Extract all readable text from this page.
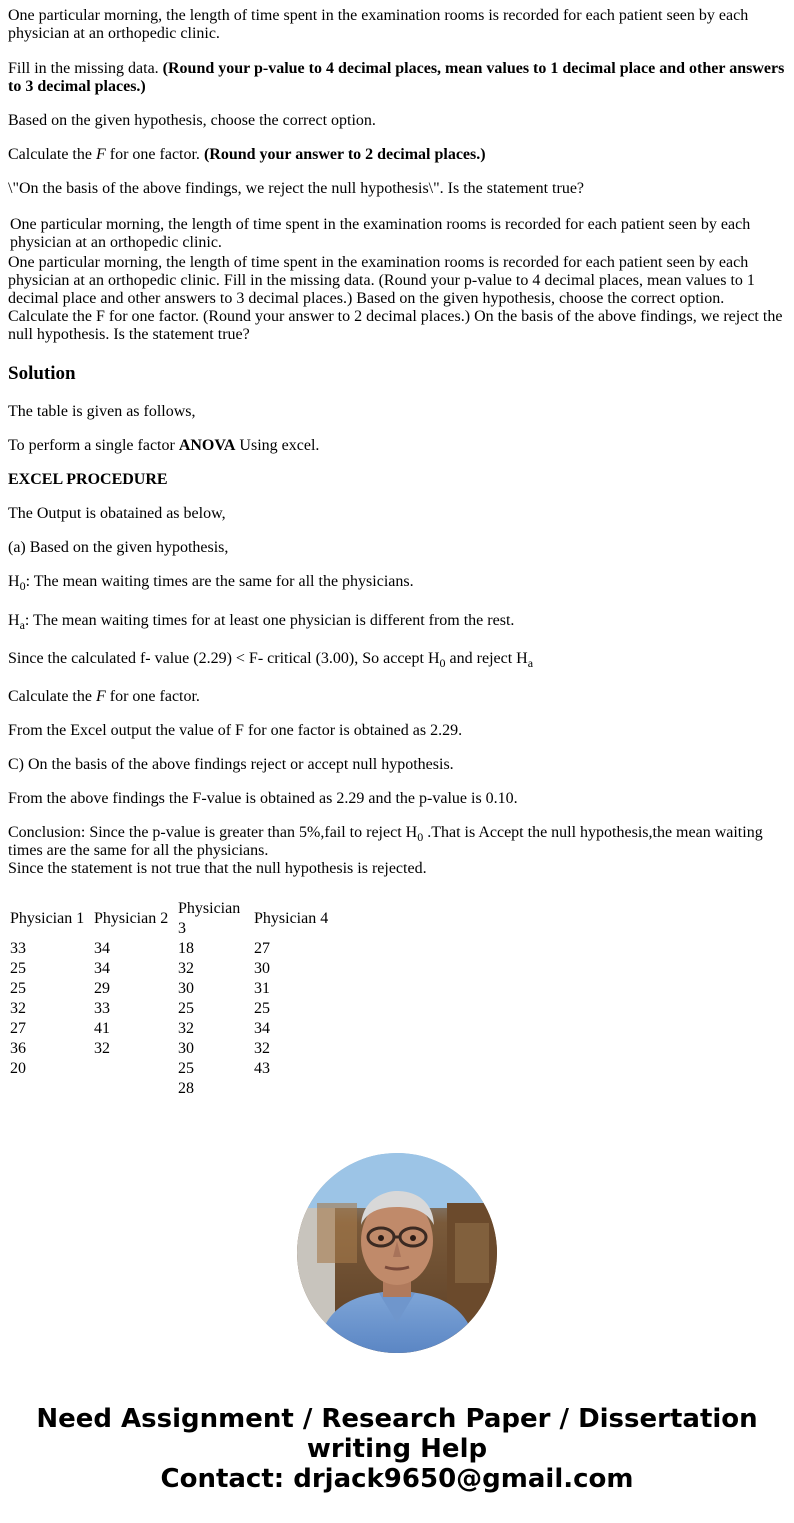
One particular morning, the length of time spent in the examination rooms is recorded for each patient seen by each physician at an orthopedic clinic.

Fill in the missing data. (Round your p-value to 4 decimal places, mean values to 1 decimal place and other answers to 3 decimal places.)

Based on the given hypothesis, choose the correct option.

Calculate the F for one factor. (Round your answer to 2 decimal places.)

\"On the basis of the above findings, we reject the null hypothesis\". Is the statement true?

One particular morning, the length of time spent in the examination rooms is recorded for each patient seen by each physician at an orthopedic clinic.

One particular morning, the length of time spent in the examination rooms is recorded for each patient seen by each physician at an orthopedic clinic. Fill in the missing data. (Round your p-value to 4 decimal places, mean values to 1 decimal place and other answers to 3 decimal places.) Based on the given hypothesis, choose the correct option. Calculate the F for one factor. (Round your answer to 2 decimal places.) On the basis of the above findings, we reject the null hypothesis. Is the statement true?

Solution

The table is given as follows,

To perform a single factor ANOVA Using excel.

EXCEL PROCEDURE

The Output is obatained as below,

(a) Based on the given hypothesis,

$H_0$: The mean waiting times are the same for all the physicians.

$H_a$: The mean waiting times for at least one physician is different from the rest.

Since the calculated f- value (2.29) < F- critical (3.00), So accept $H_0$ and reject $H_a$

Calculate the F for one factor.

From the Excel output the value of F for one factor is obtained as 2.29.

C) On the basis of the above findings reject or accept null hypothesis.

From the above findings the F-value is obtained as 2.29 and the p-value is 0.10.

Conclusion: Since the p-value is greater than 5%,fail to reject $H_0$ .That is Accept the null hypothesis,the mean waiting times are the same for all the physicians.

Since the statement is not true that the null hypothesis is rejected.

Physician 1	Physician 2	Physician 3	Physician 4
33	34	18	27
25	34	32	30
25	29	30	31
32	33	25	25
27	41	32	34
36	32	30	32
20		25	43
		28	
Need Assignment / Research Paper / Dissertation
writing Help
Contact: drjack9650@gmail.com
